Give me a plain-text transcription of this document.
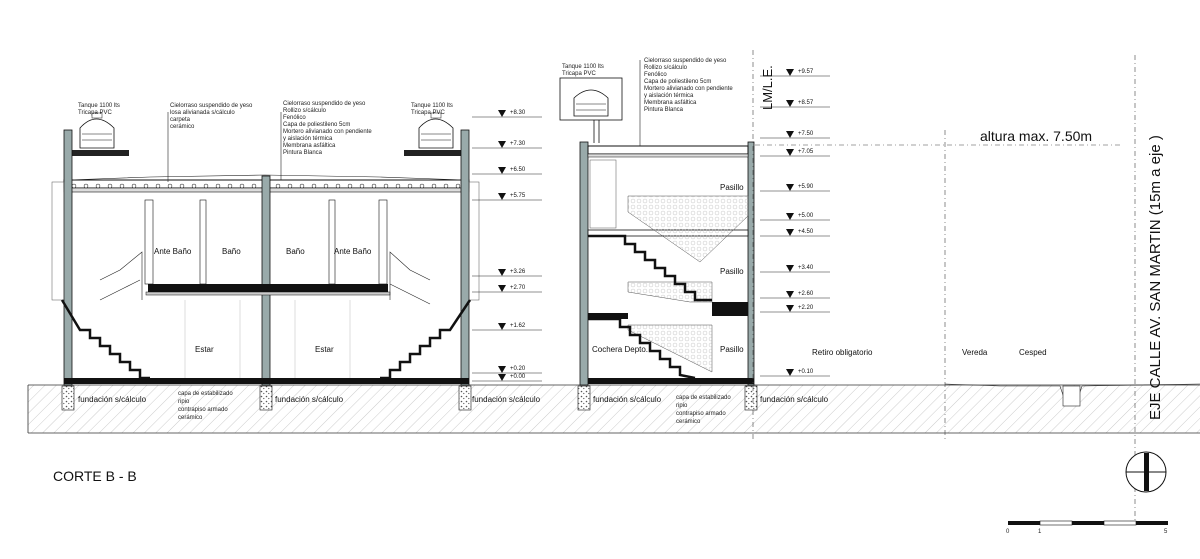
+8.30
+7.30
+6.50
+5.75
+3.26
+2.70
+1.62
+0.20
+0.00
+9.57
+8.57
+7.50
+7.05
+5.90
+5.00
+4.50
+3.40
+2.60
+2.20
+0.10
Tanque 1100 lts
Tricapa PVC
Tanque 1100 lts
Tricapa PVC
Cielorraso suspendido de yeso
losa alivianada s/cálculo
carpeta
cerámico
Cielorraso suspendido de yeso
Rollizo s/cálculo
Fenólico
Capa de poliestileno 5cm
Mortero alivianado con pendiente
y aislación térmica
Membrana asfáltica
Pintura Blanca
Ante Baño	Baño	Baño	Ante Baño
Estar	Estar
fundación s/cálculo	fundación s/cálculo	fundación s/cálculo
capa de estabilizado
ripio
contrapiso armado
cerámico
Tanque 1100 lts
Tricapa PVC
Cielorraso suspendido de yeso
Rollizo s/cálculo
Fenólico
Capa de poliestileno 5cm
Mortero alivianado con pendiente
y aislación térmica
Membrana asfáltica
Pintura Blanca
Pasillo
Pasillo
Pasillo
Cochera Depto.
fundación s/cálculo	fundación s/cálculo
capa de estabilizado
ripio
contrapiso armado
cerámico
Retiro obligatorio	Vereda	Cesped
altura max. 7.50m
LM/L.E.
EJE CALLE AV. SAN MARTIN (15m a eje )
CORTE B - B
0	1	5
